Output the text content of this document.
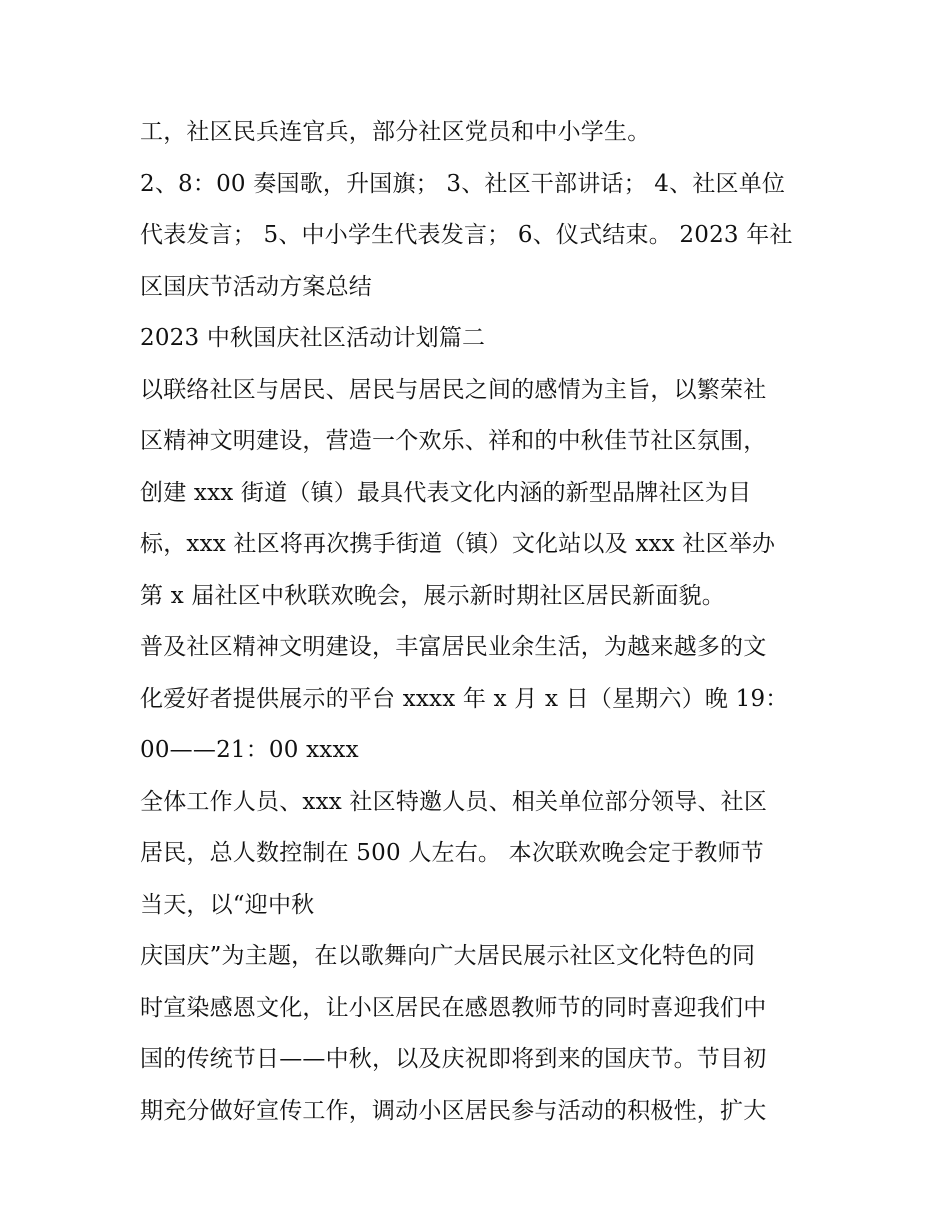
工，社区民兵连官兵，部分社区党员和中小学生。
2、8：00 奏国歌，升国旗； 3、社区干部讲话； 4、社区单位
代表发言； 5、中小学生代表发言； 6、仪式结束。 2023 年社
区国庆节活动方案总结
2023 中秋国庆社区活动计划篇二
以联络社区与居民、居民与居民之间的感情为主旨，以繁荣社
区精神文明建设，营造一个欢乐、祥和的中秋佳节社区氛围，
创建 xxx 街道（镇）最具代表文化内涵的新型品牌社区为目
标，xxx 社区将再次携手街道（镇）文化站以及 xxx 社区举办
第 x 届社区中秋联欢晚会，展示新时期社区居民新面貌。
普及社区精神文明建设，丰富居民业余生活，为越来越多的文
化爱好者提供展示的平台 xxxx 年 x 月 x 日（星期六）晚 19：
00——21：00 xxxx
全体工作人员、xxx 社区特邀人员、相关单位部分领导、社区
居民，总人数控制在 500 人左右。 本次联欢晚会定于教师节
当天，以“迎中秋
庆国庆”为主题，在以歌舞向广大居民展示社区文化特色的同
时宣染感恩文化，让小区居民在感恩教师节的同时喜迎我们中
国的传统节日——中秋，以及庆祝即将到来的国庆节。节目初
期充分做好宣传工作，调动小区居民参与活动的积极性，扩大
